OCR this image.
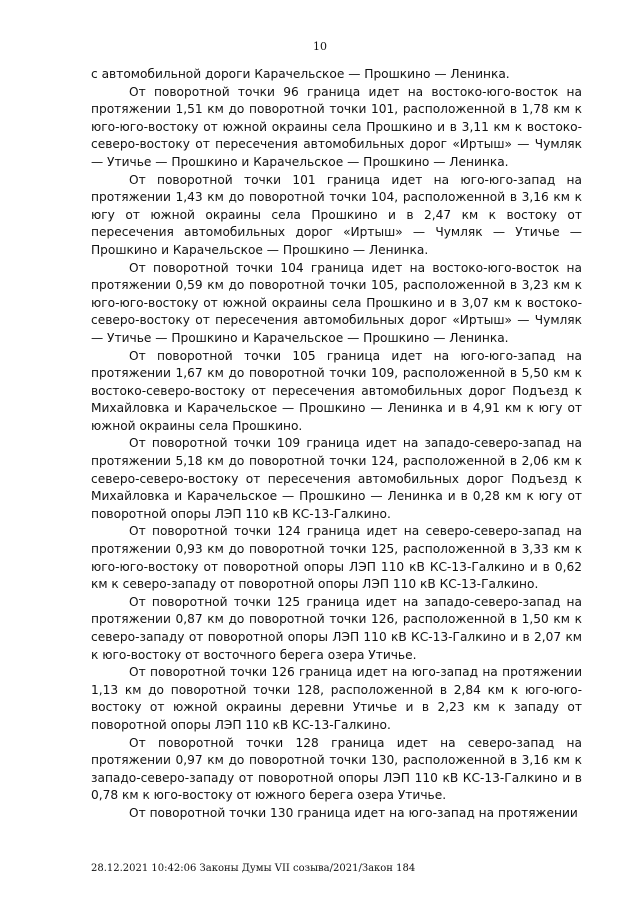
10

с автомобильной дороги Карачельское — Прошкино — Ленинка.

От поворотной точки 96 граница идет на востоко-юго-восток на протяжении 1,51 км до поворотной точки 101, расположенной в 1,78 км к юго-юго-востоку от южной окраины села Прошкино и в 3,11 км к востоко-северо-востоку от пересечения автомобильных дорог «Иртыш» — Чумляк — Утичье — Прошкино и Карачельское — Прошкино — Ленинка.

От поворотной точки 101 граница идет на юго-юго-запад на протяжении 1,43 км до поворотной точки 104, расположенной в 3,16 км к югу от южной окраины села Прошкино и в 2,47 км к востоку от пересечения автомобильных дорог «Иртыш» — Чумляк — Утичье — Прошкино и Карачельское — Прошкино — Ленинка.

От поворотной точки 104 граница идет на востоко-юго-восток на протяжении 0,59 км до поворотной точки 105, расположенной в 3,23 км к юго-юго-востоку от южной окраины села Прошкино и в 3,07 км к востоко-северо-востоку от пересечения автомобильных дорог «Иртыш» — Чумляк — Утичье — Прошкино и Карачельское — Прошкино — Ленинка.

От поворотной точки 105 граница идет на юго-юго-запад на протяжении 1,67 км до поворотной точки 109, расположенной в 5,50 км к востоко-северо-востоку от пересечения автомобильных дорог Подъезд к Михайловка и Карачельское — Прошкино — Ленинка и в 4,91 км к югу от южной окраины села Прошкино.

От поворотной точки 109 граница идет на западо-северо-запад на протяжении 5,18 км до поворотной точки 124, расположенной в 2,06 км к северо-северо-востоку от пересечения автомобильных дорог Подъезд к Михайловка и Карачельское — Прошкино — Ленинка и в 0,28 км к югу от поворотной опоры ЛЭП 110 кВ КС-13-Галкино.

От поворотной точки 124 граница идет на северо-северо-запад на протяжении 0,93 км до поворотной точки 125, расположенной в 3,33 км к юго-юго-востоку от поворотной опоры ЛЭП 110 кВ КС-13-Галкино и в 0,62 км к северо-западу от поворотной опоры ЛЭП 110 кВ КС-13-Галкино.

От поворотной точки 125 граница идет на западо-северо-запад на протяжении 0,87 км до поворотной точки 126, расположенной в 1,50 км к северо-западу от поворотной опоры ЛЭП 110 кВ КС-13-Галкино и в 2,07 км к юго-востоку от восточного берега озера Утичье.

От поворотной точки 126 граница идет на юго-запад на протяжении 1,13 км до поворотной точки 128, расположенной в 2,84 км к юго-юго-востоку от южной окраины деревни Утичье и в 2,23 км к западу от поворотной опоры ЛЭП 110 кВ КС-13-Галкино.

От поворотной точки 128 граница идет на северо-запад на протяжении 0,97 км до поворотной точки 130, расположенной в 3,16 км к западо-северо-западу от поворотной опоры ЛЭП 110 кВ КС-13-Галкино и в 0,78 км к юго-востоку от южного берега озера Утичье.

От поворотной точки 130 граница идет на юго-запад на протяжении

28.12.2021 10:42:06 Законы Думы VII созыва/2021/Закон 184
